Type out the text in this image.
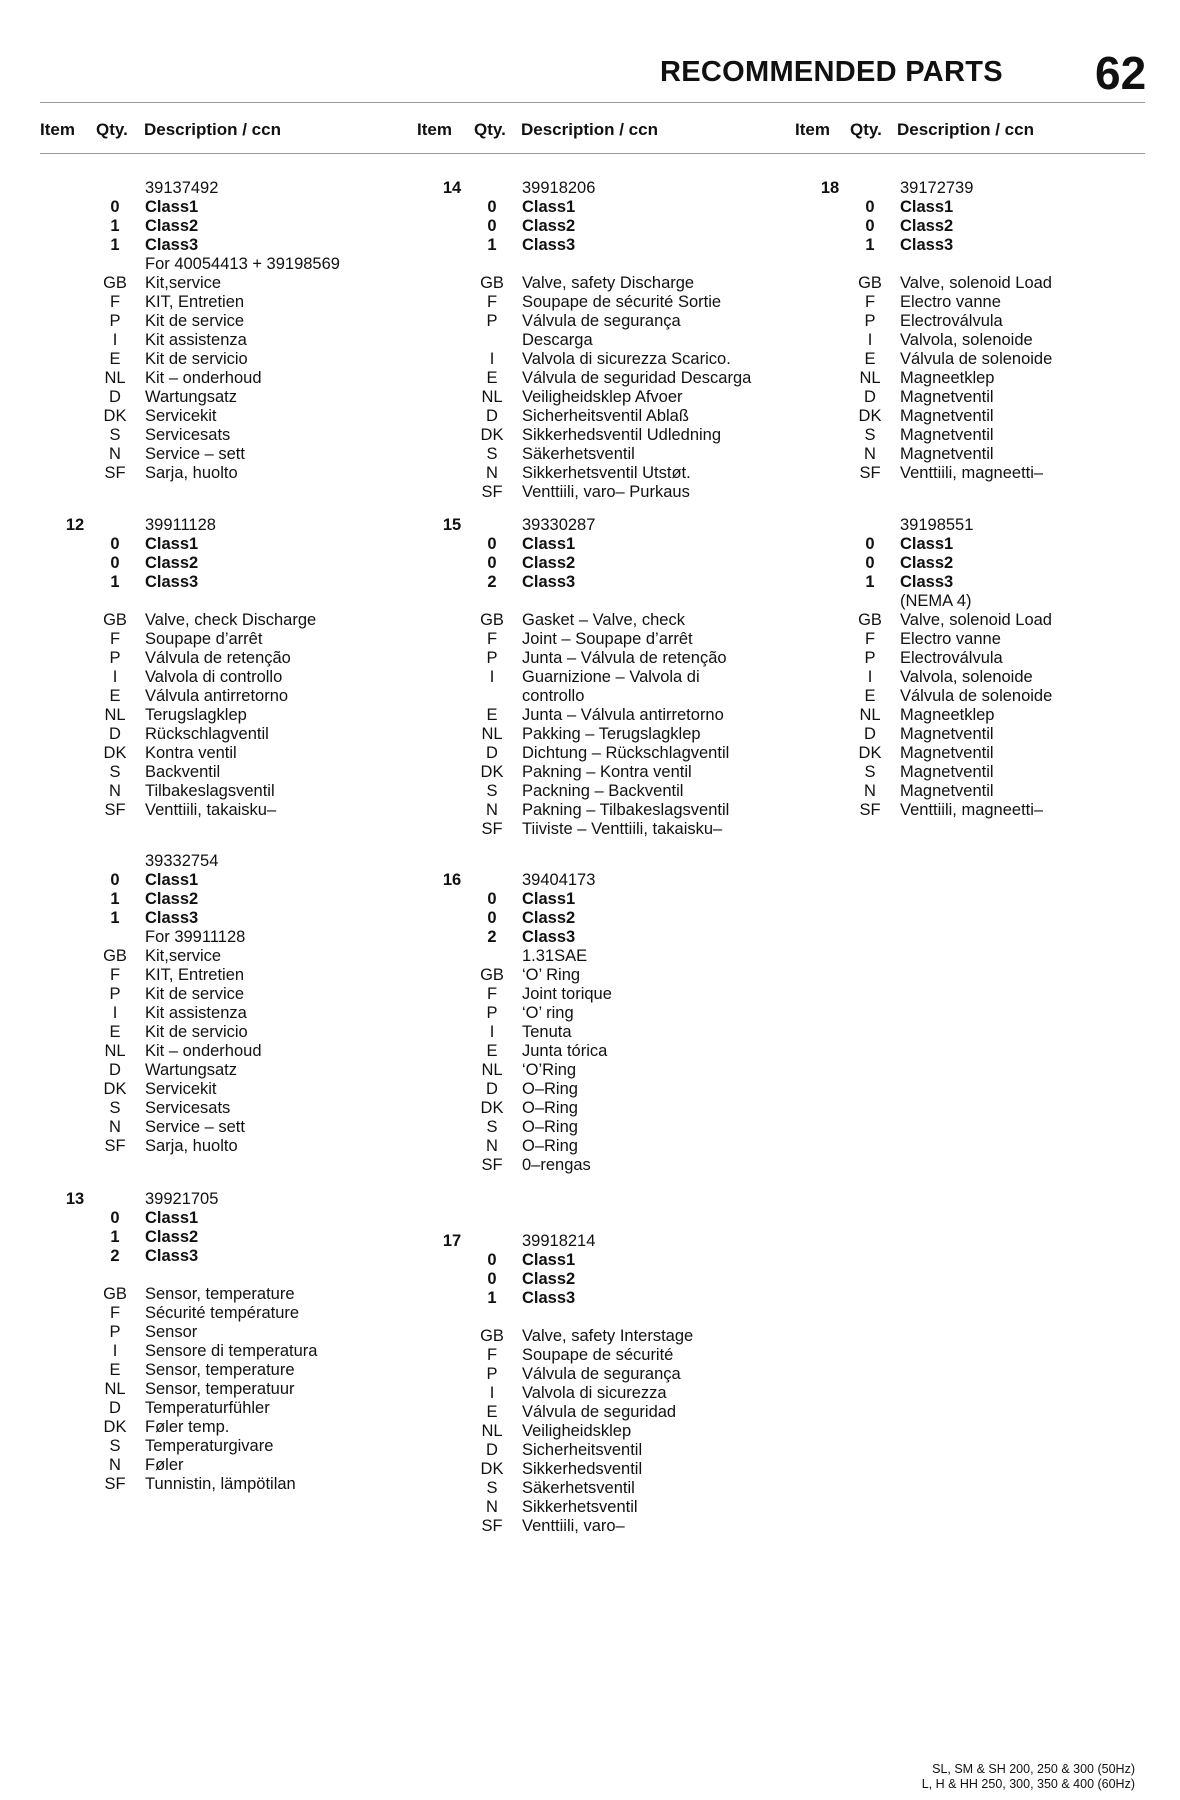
RECOMMENDED PARTS	62
Item Qty. Description / ccn	Item Qty. Description / ccn	Item Qty. Description / ccn
39137492
0	Class1
1	Class2
1	Class3
For 40054413 + 39198569
GB	Kit,service
F	KIT, Entretien
P	Kit de service
I	Kit assistenza
E	Kit de servicio
NL	Kit – onderhoud
D	Wartungsatz
DK	Servicekit
S	Servicesats
N	Service – sett
SF	Sarja, huolto
12	39911128
0	Class1
0	Class2
1	Class3
GB	Valve, check Discharge
F	Soupape d’arrêt
P	Válvula de retenção
I	Valvola di controllo
E	Válvula antirretorno
NL	Terugslagklep
D	Rückschlagventil
DK	Kontra ventil
S	Backventil
N	Tilbakeslagsventil
SF	Venttiili, takaisku–
39332754
0	Class1
1	Class2
1	Class3
For 39911128
GB	Kit,service
F	KIT, Entretien
P	Kit de service
I	Kit assistenza
E	Kit de servicio
NL	Kit – onderhoud
D	Wartungsatz
DK	Servicekit
S	Servicesats
N	Service – sett
SF	Sarja, huolto
13	39921705
0	Class1
1	Class2
2	Class3
GB	Sensor, temperature
F	Sécurité température
P	Sensor
I	Sensore di temperatura
E	Sensor, temperature
NL	Sensor, temperatuur
D	Temperaturfühler
DK	Føler temp.
S	Temperaturgivare
N	Føler
SF	Tunnistin, lämpötilan
14	39918206
0	Class1
0	Class2
1	Class3
GB	Valve, safety Discharge
F	Soupape de sécurité Sortie
P	Válvula de segurança
Descarga
I	Valvola di sicurezza Scarico.
E	Válvula de seguridad Descarga
NL	Veiligheidsklep Afvoer
D	Sicherheitsventil Ablaß
DK	Sikkerhedsventil Udledning
S	Säkerhetsventil
N	Sikkerhetsventil Utstøt.
SF	Venttiili, varo– Purkaus
15	39330287
0	Class1
0	Class2
2	Class3
GB	Gasket – Valve, check
F	Joint – Soupape d’arrêt
P	Junta – Válvula de retenção
I	Guarnizione – Valvola di
controllo
E	Junta – Válvula antirretorno
NL	Pakking – Terugslagklep
D	Dichtung – Rückschlagventil
DK	Pakning – Kontra ventil
S	Packning – Backventil
N	Pakning – Tilbakeslagsventil
SF	Tiiviste – Venttiili, takaisku–
16	39404173
0	Class1
0	Class2
2	Class3
1.31SAE
GB	‘O’ Ring
F	Joint torique
P	‘O’ ring
I	Tenuta
E	Junta tórica
NL	‘O’Ring
D	O–Ring
DK	O–Ring
S	O–Ring
N	O–Ring
SF	0–rengas
17	39918214
0	Class1
0	Class2
1	Class3
GB	Valve, safety Interstage
F	Soupape de sécurité
P	Válvula de segurança
I	Valvola di sicurezza
E	Válvula de seguridad
NL	Veiligheidsklep
D	Sicherheitsventil
DK	Sikkerhedsventil
S	Säkerhetsventil
N	Sikkerhetsventil
SF	Venttiili, varo–
18	39172739
0	Class1
0	Class2
1	Class3
GB	Valve, solenoid Load
F	Electro vanne
P	Electroválvula
I	Valvola, solenoide
E	Válvula de solenoide
NL	Magneetklep
D	Magnetventil
DK	Magnetventil
S	Magnetventil
N	Magnetventil
SF	Venttiili, magneetti–
39198551
0	Class1
0	Class2
1	Class3
(NEMA 4)
GB	Valve, solenoid Load
F	Electro vanne
P	Electroválvula
I	Valvola, solenoide
E	Válvula de solenoide
NL	Magneetklep
D	Magnetventil
DK	Magnetventil
S	Magnetventil
N	Magnetventil
SF	Venttiili, magneetti–
SL, SM & SH 200, 250 & 300 (50Hz)
L, H & HH 250, 300, 350 & 400 (60Hz)
